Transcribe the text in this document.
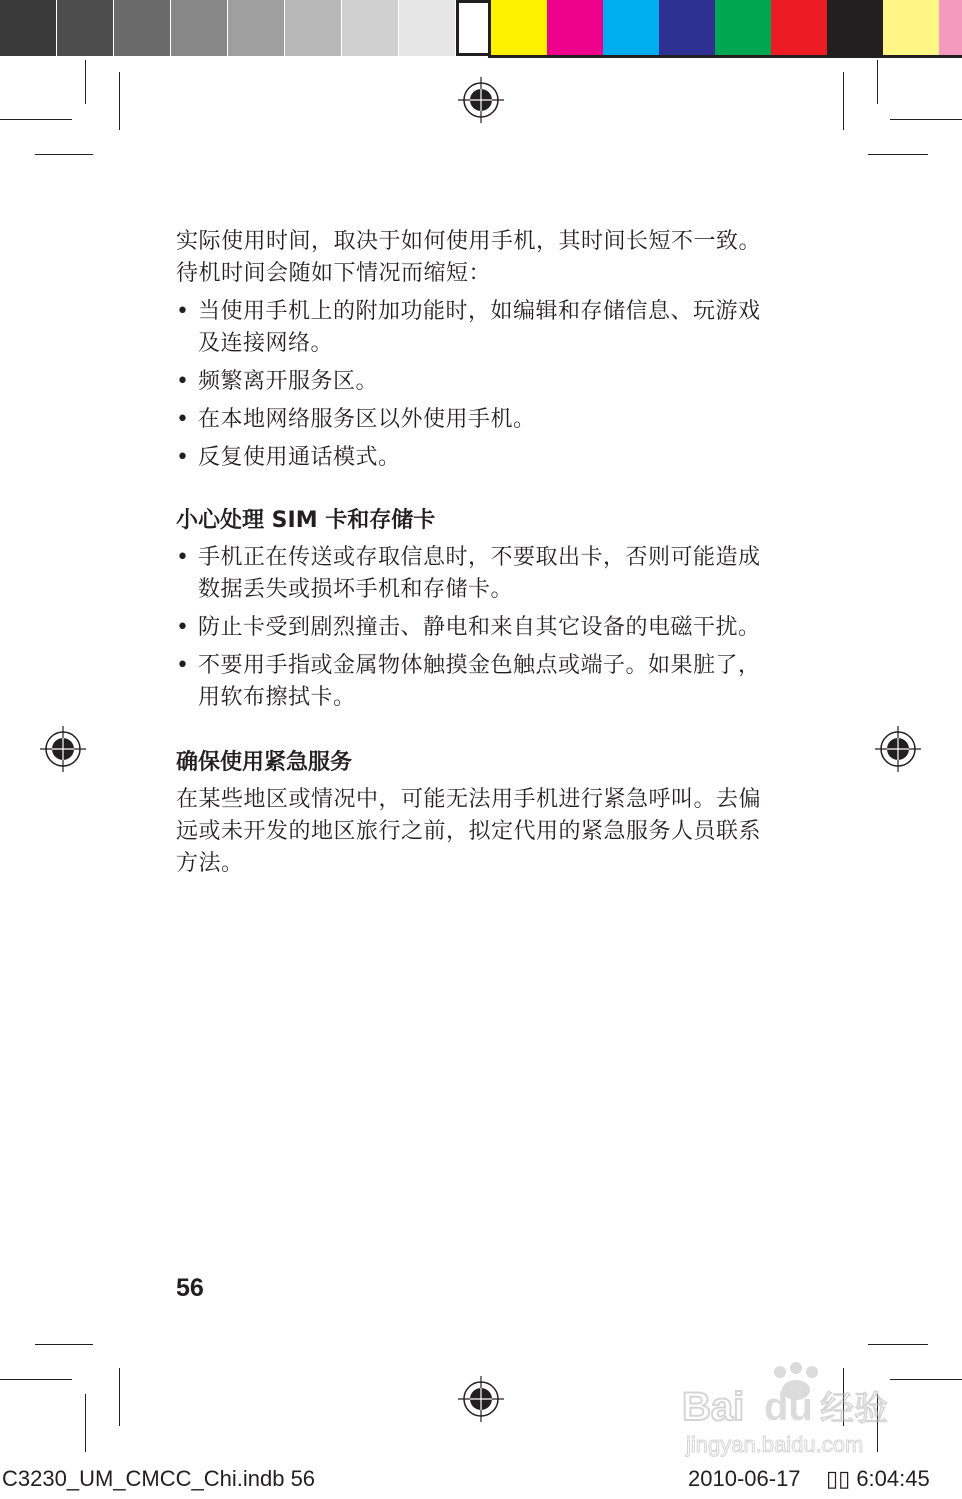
实际使用时间，取决于如何使用手机，其时间长短不一致。待机时间会随如下情况而缩短：

• 当使用手机上的附加功能时，如编辑和存储信息、玩游戏及连接网络。
• 频繁离开服务区。
• 在本地网络服务区以外使用手机。
• 反复使用通话模式。
小心处理 SIM 卡和存储卡
• 手机正在传送或存取信息时，不要取出卡，否则可能造成数据丢失或损坏手机和存储卡。
• 防止卡受到剧烈撞击、静电和来自其它设备的电磁干扰。
• 不要用手指或金属物体触摸金色触点或端子。如果脏了，用软布擦拭卡。
确保使用紧急服务

在某些地区或情况中，可能无法用手机进行紧急呼叫。去偏远或未开发的地区旅行之前，拟定代用的紧急服务人员联系方法。

56
C3230_UM_CMCC_Chi.indb 56	2010-06-17 ▯▯ 6:04:45
Bai du 经验
jingyan.baidu.com
